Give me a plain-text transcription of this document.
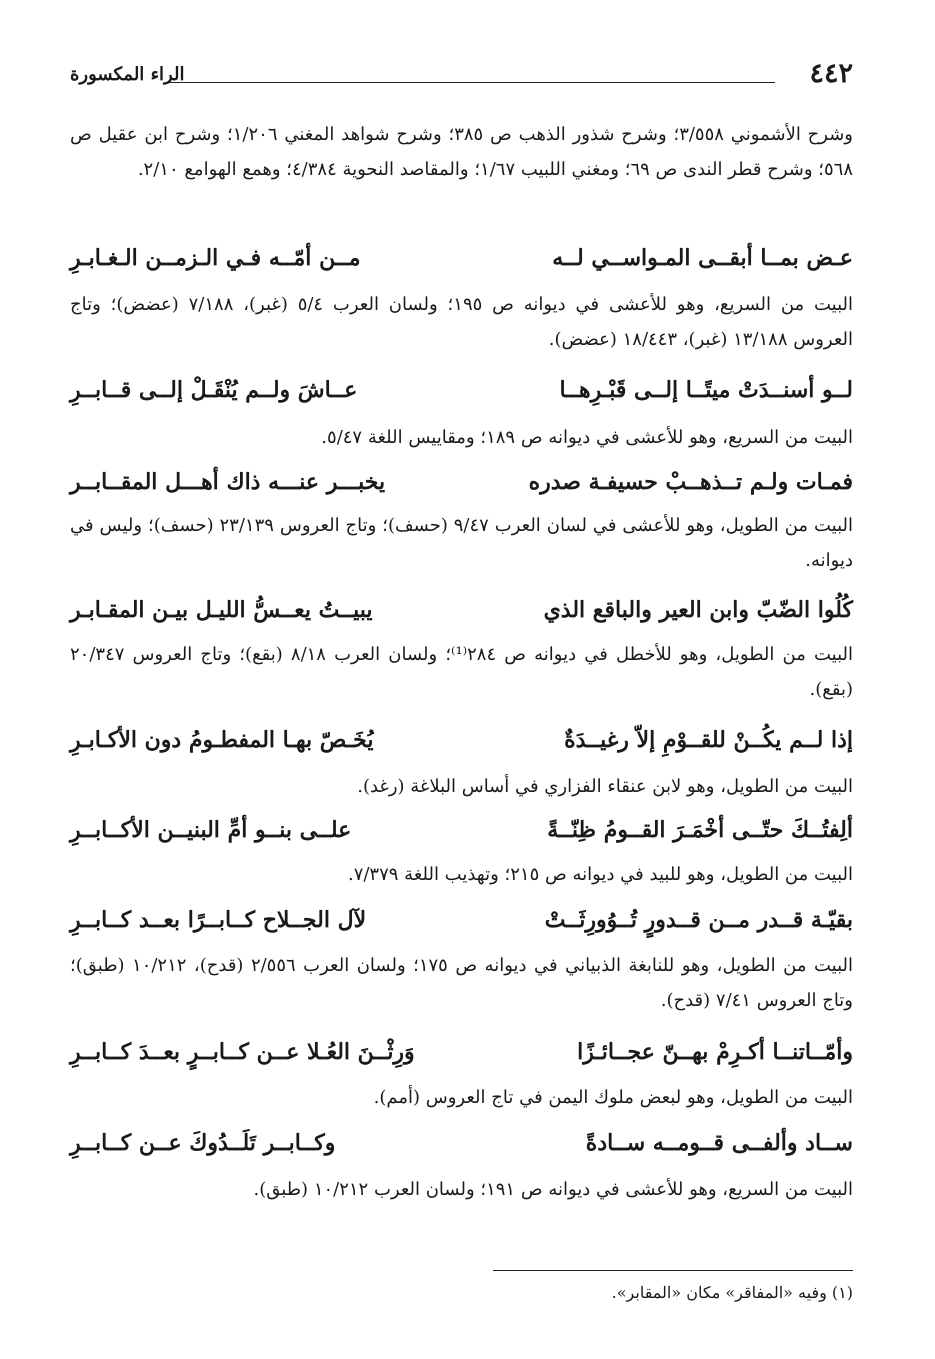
٤٤٢
الراء المكسورة

وشرح الأشموني ٣/٥٥٨؛ وشرح شذور الذهب ص ٣٨٥؛ وشرح شواهد المغني ١/٢٠٦؛ وشرح ابن عقيل ص ٥٦٨؛ وشرح قطر الندى ص ٦٩؛ ومغني اللبيب ١/٦٧؛ والمقاصد النحوية ٤/٣٨٤؛ وهمع الهوامع ٢/١٠.

عـض بمــا أبقــى المـواســي لــه
مــن أمّــه فـي الـزمــن الـغـابـرِ

البيت من السريع، وهو للأعشى في ديوانه ص ١٩٥؛ ولسان العرب ٥/٤ (غبر)، ٧/١٨٨ (عضض)؛ وتاج العروس ١٣/١٨٨ (غبر)، ١٨/٤٤٣ (عضض).

لــو أسنــدَتْ ميتًــا إلــى قَبْـرِهــا
عــاشَ ولــم يُنْقَـلْ إلــى قــابــرِ

البيت من السريع، وهو للأعشى في ديوانه ص ١٨٩؛ ومقاييس اللغة ٥/٤٧.

فمـات ولـم تــذهــبْ حسيفـة صدره
يخبـــر عنـــه ذاك أهـــل المقــابــر

البيت من الطويل، وهو للأعشى في لسان العرب ٩/٤٧ (حسف)؛ وتاج العروس ٢٣/١٣٩ (حسف)؛ وليس في ديوانه.

كُلُوا الضّبّ وابن العير والباقع الذي
يبيــتُ يعــسُّ الليـل بيـن المقـابـر

البيت من الطويل، وهو للأخطل في ديوانه ص ٢٨٤⁽¹⁾؛ ولسان العرب ٨/١٨ (بقع)؛ وتاج العروس ٢٠/٣٤٧ (بقع).

إذا لــم يكُــنْ للقــوْمِ إلاّ رغيــدَةٌ
يُخَـصّ بهـا المفطـومُ دون الأكـابـرِ

البيت من الطويل، وهو لابن عنقاء الفزاري في أساس البلاغة (رغد).

ألِفتُــكَ حتّــى أخْمَـرَ القــومُ ظِنّــةً
علــى بنــو أمِّ البنيــن الأكــابــرِ

البيت من الطويل، وهو للبيد في ديوانه ص ٢١٥؛ وتهذيب اللغة ٧/٣٧٩.

بقيّـة قــدر مــن قــدورٍ تُــوُورِثَــتْ
لآل الجــلاح كــابــرًا بعــد كــابــرِ

البيت من الطويل، وهو للنابغة الذبياني في ديوانه ص ١٧٥؛ ولسان العرب ٢/٥٥٦ (قدح)، ١٠/٢١٢ (طبق)؛ وتاج العروس ٧/٤١ (قدح).

وأمّــاتنــا أكـرِمْ بهــنّ عجــائـزًا
وَرِثْــنَ العُـلا عــن كــابــرٍ بعــدَ كــابــرِ

البيت من الطويل، وهو لبعض ملوك اليمن في تاج العروس (أمم).

ســاد وألفــى قــومــه ســادةً
وكــابــر تَلَــدُوكَ عــن كــابــرِ

البيت من السريع، وهو للأعشى في ديوانه ص ١٩١؛ ولسان العرب ١٠/٢١٢ (طبق).

(١) وفيه «المفاقر» مكان «المقابر».
